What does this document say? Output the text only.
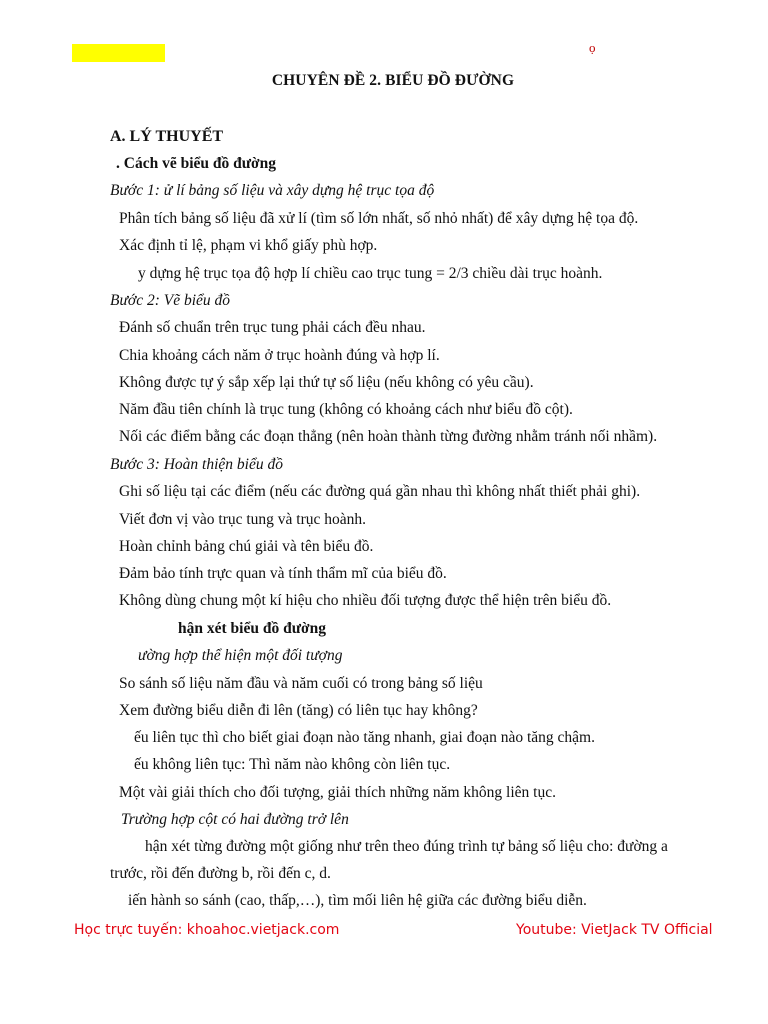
ọ
CHUYÊN ĐỀ 2. BIỂU ĐỒ ĐƯỜNG
A. LÝ THUYẾT
. Cách vẽ biểu đồ đường
Bước 1: ử lí bảng số liệu và xây dựng hệ trục tọa độ
Phân tích bảng số liệu đã xử lí (tìm số lớn nhất, số nhỏ nhất) để xây dựng hệ tọa độ.
Xác định tỉ lệ, phạm vi khổ giấy phù hợp.
y dựng hệ trục tọa độ hợp lí chiều cao trục tung = 2/3 chiều dài trục hoành.
Bước 2: Vẽ biểu đồ
Đánh số chuẩn trên trục tung phải cách đều nhau.
Chia khoảng cách năm ở trục hoành đúng và hợp lí.
Không được tự ý sắp xếp lại thứ tự số liệu (nếu không có yêu cầu).
Năm đầu tiên chính là trục tung (không có khoảng cách như biểu đồ cột).
Nối các điểm bằng các đoạn thẳng (nên hoàn thành từng đường nhằm tránh nối nhầm).
Bước 3: Hoàn thiện biểu đồ
Ghi số liệu tại các điểm (nếu các đường quá gần nhau thì không nhất thiết phải ghi).
Viết đơn vị vào trục tung và trục hoành.
Hoàn chỉnh bảng chú giải và tên biểu đồ.
Đảm bảo tính trực quan và tính thẩm mĩ của biểu đồ.
Không dùng chung một kí hiệu cho nhiều đối tượng được thể hiện trên biểu đồ.
hận xét biểu đồ đường
ường hợp thể hiện một đối tượng
So sánh số liệu năm đầu và năm cuối có trong bảng số liệu
Xem đường biểu diễn đi lên (tăng) có liên tục hay không?
ếu liên tục thì cho biết giai đoạn nào tăng nhanh, giai đoạn nào tăng chậm.
ếu không liên tục: Thì năm nào không còn liên tục.
Một vài giải thích cho đối tượng, giải thích những năm không liên tục.
Trường hợp cột có hai đường trở lên
hận xét từng đường một giống như trên theo đúng trình tự bảng số liệu cho: đường a
trước, rồi đến đường b, rồi đến c, d.
iến hành so sánh (cao, thấp,…), tìm mối liên hệ giữa các đường biểu diễn.
Học trực tuyến: khoahoc.vietjack.com	Youtube: VietJack TV Official
